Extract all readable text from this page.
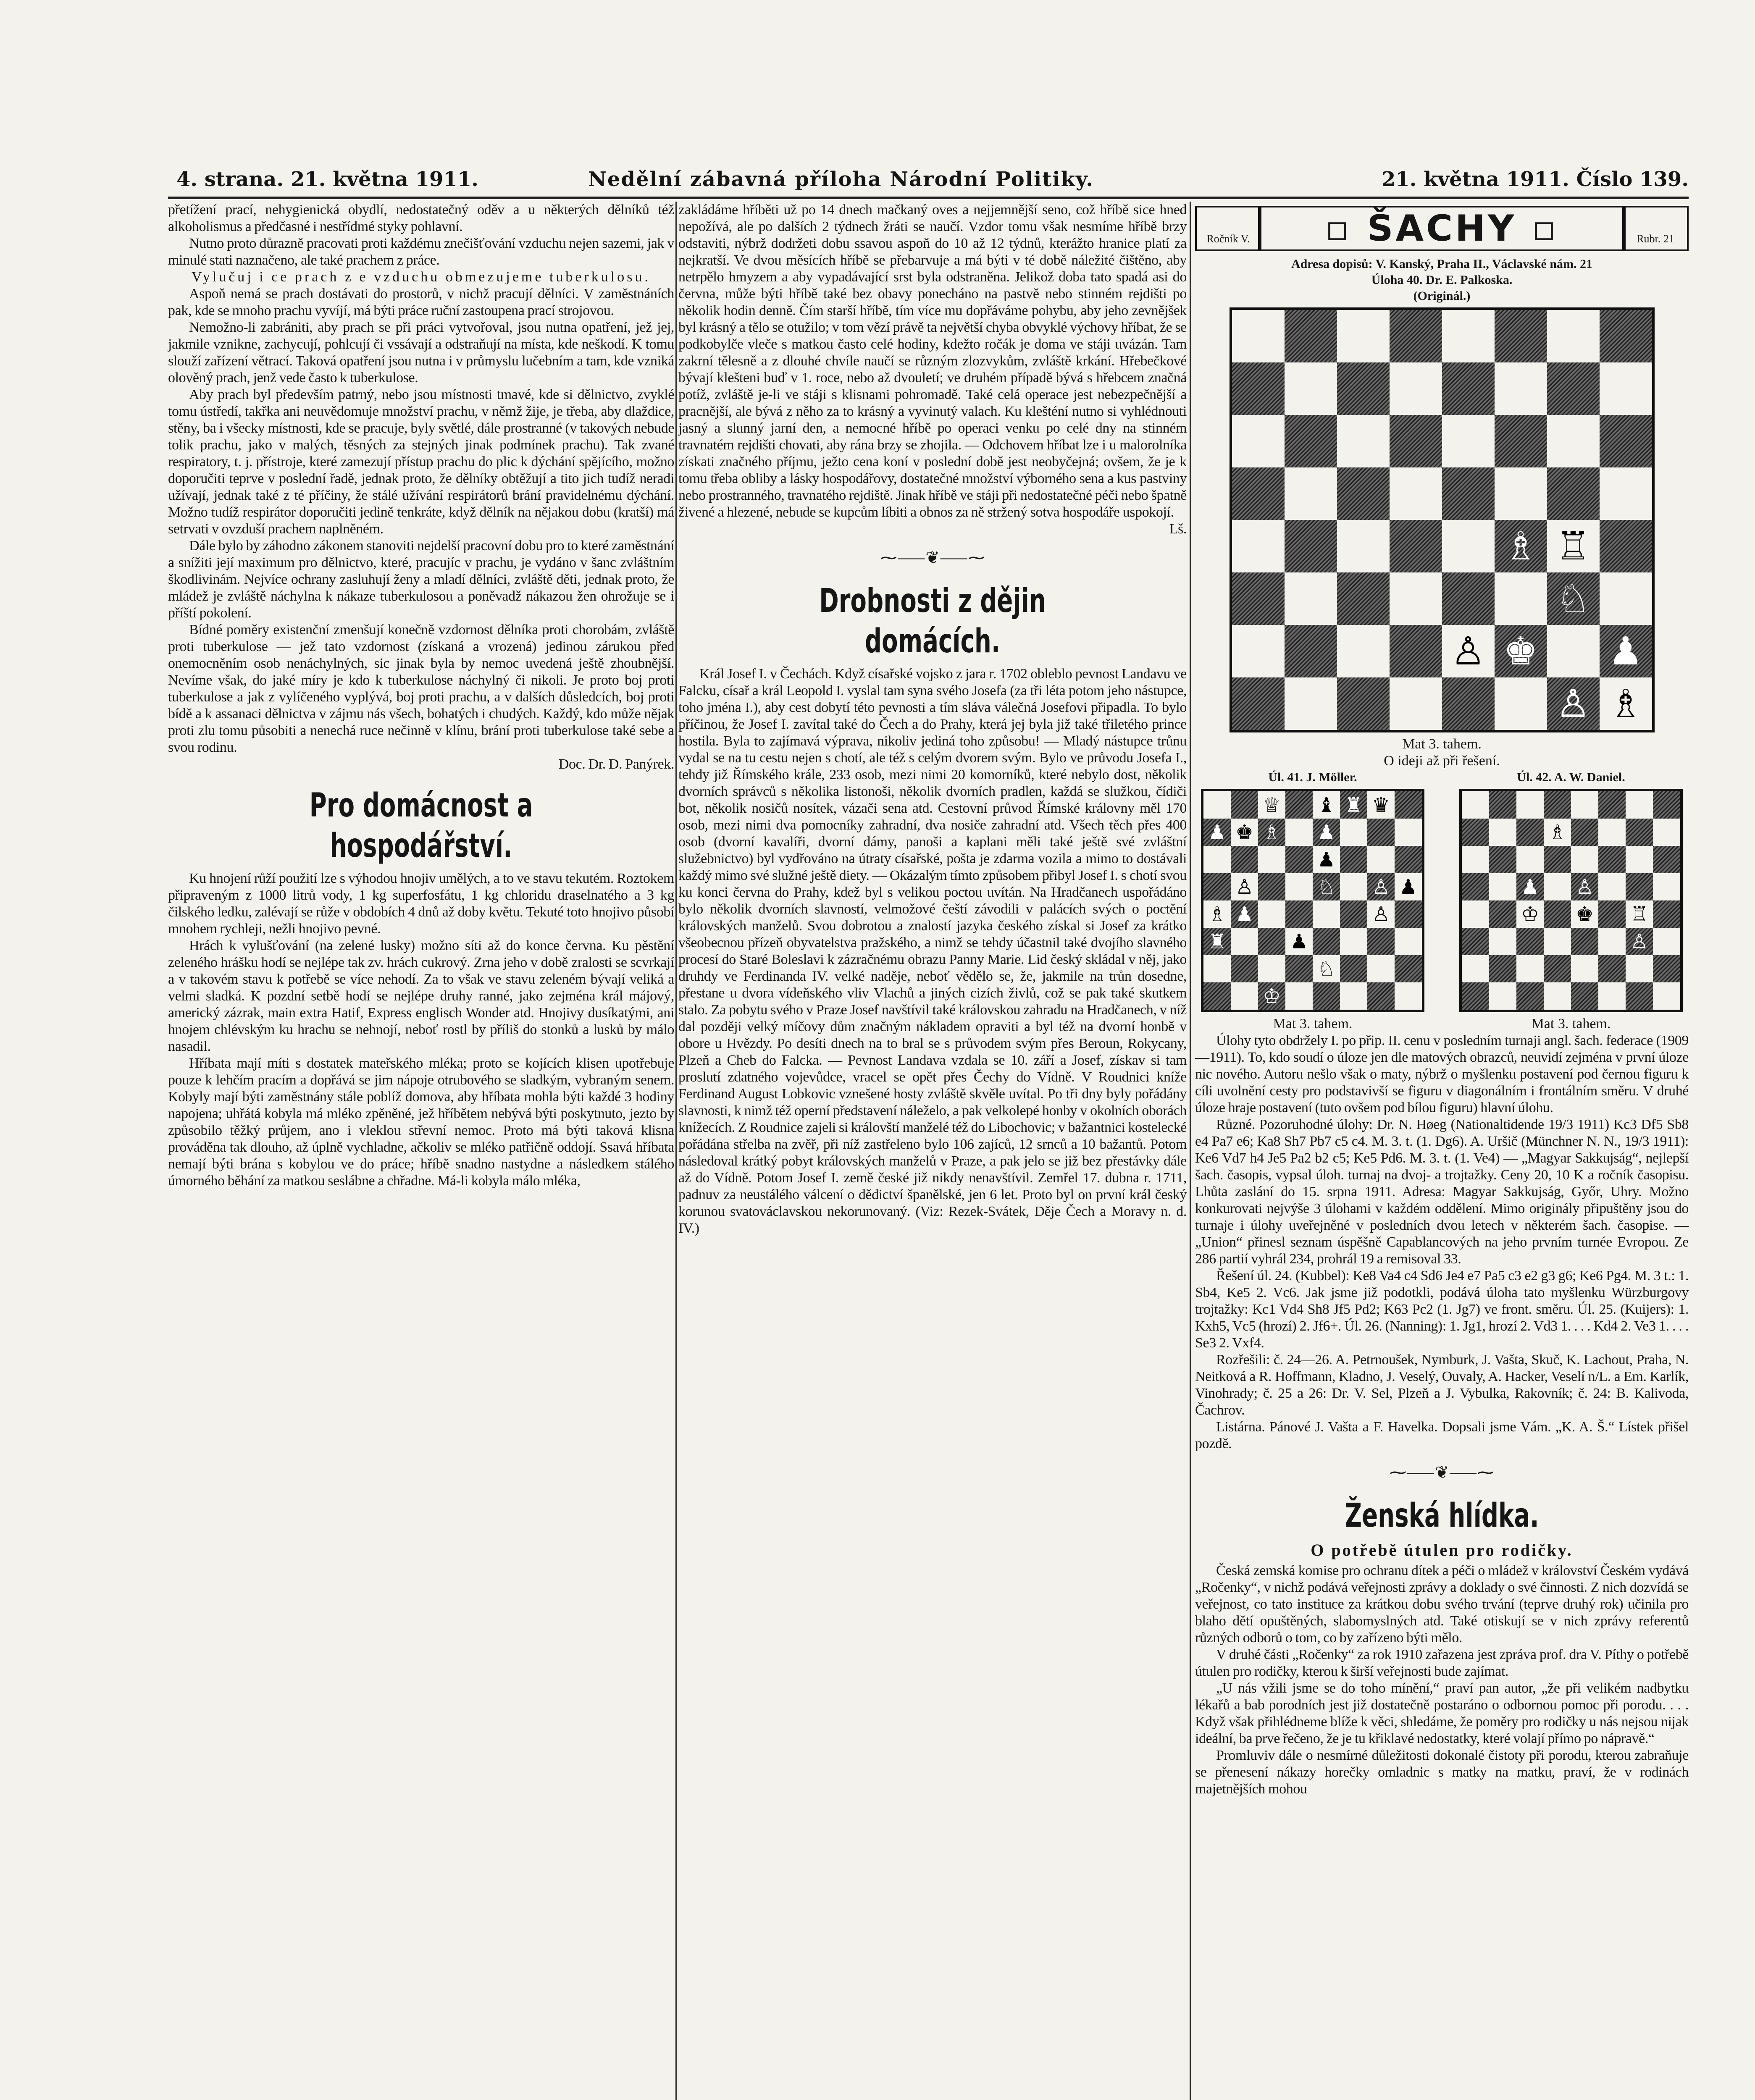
4. strana. 21. května 1911.	Nedělní zábavná příloha Národní Politiky.	21. května 1911. Číslo 139.

přetížení prací, nehygienická obydlí, nedostatečný oděv a u některých dělníků též alkoholismus a předčasné i nestřídmé styky pohlavní.

Nutno proto důrazně pracovati proti každému znečišťování vzduchu nejen sazemi, jak v minulé stati naznačeno, ale také prachem z práce.

Vylučuj i ce prach z e vzduchu obmezujeme tuberkulosu.

Aspoň nemá se prach dostávati do prostorů, v nichž pracují dělníci. V zaměstnáních pak, kde se mnoho prachu vyvíjí, má býti práce ruční zastoupena prací strojovou.

Nemožno-li zabrániti, aby prach se při práci vytvořoval, jsou nutna opatření, jež jej, jakmile vznikne, zachycují, pohlcují či vssávají a odstraňují na místa, kde neškodí. K tomu slouží zařízení větrací. Taková opatření jsou nutna i v průmyslu lučebním a tam, kde vzniká olověný prach, jenž vede často k tuberkulose.

Aby prach byl především patrný, nebo jsou místnosti tmavé, kde si dělnictvo, zvyklé tomu ústředí, takřka ani neuvědomuje množství prachu, v němž žije, je třeba, aby dlaždice, stěny, ba i všecky místnosti, kde se pracuje, byly světlé, dále prostranné (v takových nebude tolik prachu, jako v malých, těsných za stejných jinak podmínek prachu). Tak zvané respiratory, t. j. přístroje, které zamezují přístup prachu do plic k dýchání spějícího, možno doporučiti teprve v poslední řadě, jednak proto, že dělníky obtěžují a tito jich tudíž neradi užívají, jednak také z té příčiny, že stálé užívání respirátorů brání pravidelnému dýchání. Možno tudíž respirátor doporučiti jedině tenkráte, když dělník na nějakou dobu (kratší) má setrvati v ovzduší prachem naplněném.

Dále bylo by záhodno zákonem stanoviti nejdelší pracovní dobu pro to které zaměstnání a snížiti její maximum pro dělnictvo, které, pracujíc v prachu, je vydáno v šanc zvláštním škodlivinám. Nejvíce ochrany zasluhují ženy a mladí dělníci, zvláště děti, jednak proto, že mládež je zvláště náchylna k nákaze tuberkulosou a poněvadž nákazou žen ohrožuje se i příští pokolení.

Bídné poměry existenční zmenšují konečně vzdornost dělníka proti chorobám, zvláště proti tuberkulose — jež tato vzdornost (získaná a vrozená) jedinou zárukou před onemocněním osob nenáchylných, sic jinak byla by nemoc uvedená ještě zhoubnější. Nevíme však, do jaké míry je kdo k tuberkulose náchylný či nikoli. Je proto boj proti tuberkulose a jak z vylíčeného vyplývá, boj proti prachu, a v dalších důsledcích, boj proti bídě a k assanaci dělnictva v zájmu nás všech, bohatých i chudých. Každý, kdo může nějak proti zlu tomu působiti a nenechá ruce nečinně v klínu, brání proti tuberkulose také sebe a svou rodinu.

Doc. Dr. D. Panýrek.

Pro domácnost a hospodářství.

Ku hnojení růží použití lze s výhodou hnojiv umělých, a to ve stavu tekutém. Roztokem připraveným z 1000 litrů vody, 1 kg superfosfátu, 1 kg chloridu draselnatého a 3 kg čilského ledku, zalévají se růže v obdobích 4 dnů až doby květu. Tekuté toto hnojivo působí mnohem rychleji, nežli hnojivo pevné.

Hrách k vylušťování (na zelené lusky) možno síti až do konce června. Ku pěstění zeleného hrášku hodí se nejlépe tak zv. hrách cukrový. Zrna jeho v době zralosti se scvrkají a v takovém stavu k potřebě se více nehodí. Za to však ve stavu zeleném bývají veliká a velmi sladká. K pozdní setbě hodí se nejlépe druhy ranné, jako zejména král májový, americký zázrak, main extra Hatif, Express englisch Wonder atd. Hnojivy dusíkatými, ani hnojem chlévským ku hrachu se nehnojí, neboť rostl by příliš do stonků a lusků by málo nasadil.

Hříbata mají míti s dostatek mateřského mléka; proto se kojících klisen upotřebuje pouze k lehčím pracím a dopřává se jim nápoje otrubového se sladkým, vybraným senem. Kobyly mají býti zaměstnány stále poblíž domova, aby hříbata mohla býti každé 3 hodiny napojena; uhřátá kobyla má mléko zpěněné, jež hříbětem nebývá býti poskytnuto, jezto by způsobilo těžký průjem, ano i vleklou střevní nemoc. Proto má býti taková klisna prováděna tak dlouho, až úplně vychladne, ačkoliv se mléko patřičně oddojí. Ssavá hříbata nemají býti brána s kobylou ve do práce; hříbě snadno nastydne a následkem stálého úmorného běhání za matkou seslábne a chřadne. Má-li kobyla málo mléka,

zakládáme hříběti už po 14 dnech mačkaný oves a nejjemnější seno, což hříbě sice hned nepožívá, ale po dalších 2 týdnech žráti se naučí. Vzdor tomu však nesmíme hříbě brzy odstaviti, nýbrž dodržeti dobu ssavou aspoň do 10 až 12 týdnů, kterážto hranice platí za nejkratší. Ve dvou měsících hříbě se přebarvuje a má býti v té době náležité čištěno, aby netrpělo hmyzem a aby vypadávající srst byla odstraněna. Jelikož doba tato spadá asi do června, může býti hříbě také bez obavy ponecháno na pastvě nebo stinném rejdišti po několik hodin denně. Čím starší hříbě, tím více mu dopřáváme pohybu, aby jeho zevnějšek byl krásný a tělo se otužilo; v tom vězí právě ta největší chyba obvyklé výchovy hříbat, že se podkobylče vleče s matkou často celé hodiny, kdežto ročák je doma ve stáji uvázán. Tam zakrní tělesně a z dlouhé chvíle naučí se různým zlozvykům, zvláště krkání. Hřebečkové bývají klešteni buď v 1. roce, nebo až dvouletí; ve druhém případě bývá s hřebcem značná potíž, zvláště je-li ve stáji s klisnami pohromadě. Také celá operace jest nebezpečnější a pracnější, ale bývá z něho za to krásný a vyvinutý valach. Ku klešténí nutno si vyhlédnouti jasný a slunný jarní den, a nemocné hříbě po operaci venku po celé dny na stinném travnatém rejdišti chovati, aby rána brzy se zhojila. — Odchovem hříbat lze i u malorolníka získati značného příjmu, ježto cena koní v poslední době jest neobyčejná; ovšem, že je k tomu třeba obliby a lásky hospodářovy, dostatečné množství výborného sena a kus pastviny nebo prostranného, travnatého rejdiště. Jinak hříbě ve stáji při nedostatečné péči nebo špatně živené a hlezené, nebude se kupcům líbiti a obnos za ně stržený sotva hospodáře uspokojí.

Lš.

⁓⸺❦⸺⁓
Drobnosti z dějin domácích.

Král Josef I. v Čechách. Když císařské vojsko z jara r. 1702 obleblo pevnost Landavu ve Falcku, císař a král Leopold I. vyslal tam syna svého Josefa (za tři léta potom jeho nástupce, toho jména I.), aby cest dobytí této pevnosti a tím sláva válečná Josefovi připadla. To bylo příčinou, že Josef I. zavítal také do Čech a do Prahy, která jej byla již také třiletého prince hostila. Byla to zajímavá výprava, nikoliv jediná toho způsobu! — Mladý nástupce trůnu vydal se na tu cestu nejen s chotí, ale též s celým dvorem svým. Bylo ve průvodu Josefa I., tehdy již Římského krále, 233 osob, mezi nimi 20 komorníků, které nebylo dost, několik dvorních správců s několika listonoši, několik dvorních pradlen, každá se služkou, čídiči bot, několik nosičů nosítek, vázači sena atd. Cestovní průvod Římské královny měl 170 osob, mezi nimi dva pomocníky zahradní, dva nosiče zahradní atd. Všech těch přes 400 osob (dvorní kavalíři, dvorní dámy, panoši a kaplani měli také ještě své zvláštní služebnictvo) byl vydřováno na útraty císařské, pošta je zdarma vozila a mimo to dostávali každý mimo své služné ještě diety. — Okázalým tímto způsobem přibyl Josef I. s chotí svou ku konci června do Prahy, kdež byl s velikou poctou uvítán. Na Hradčanech uspořádáno bylo několik dvorních slavností, velmožové čeští závodili v palácích svých o poctění královských manželů. Svou dobrotou a znalostí jazyka českého získal si Josef za krátko všeobecnou přízeň obyvatelstva pražského, a nimž se tehdy účastnil také dvojího slavného procesí do Staré Boleslavi k zázračnému obrazu Panny Marie. Lid český skládal v něj, jako druhdy ve Ferdinanda IV. velké naděje, neboť vědělo se, že, jakmile na trůn dosedne, přestane u dvora vídeňského vliv Vlachů a jiných cizích živlů, což se pak také skutkem stalo. Za pobytu svého v Praze Josef navštívil také královskou zahradu na Hradčanech, v níž dal později velký míčovy dům značným nákladem opraviti a byl též na dvorní honbě v obore u Hvězdy. Po desíti dnech na to bral se s průvodem svým přes Beroun, Rokycany, Plzeň a Cheb do Falcka. — Pevnost Landava vzdala se 10. září a Josef, získav si tam proslutí zdatného vojevůdce, vracel se opět přes Čechy do Vídně. V Roudnici kníže Ferdinand August Lobkovic vznešené hosty zvláště skvěle uvítal. Po tři dny byly pořádány slavnosti, k nimž též operní představení náleželo, a pak velkolepé honby v okolních oborách knížecích. Z Roudnice zajeli si královští manželé též do Libochovic; v bažantnici kostelecké pořádána střelba na zvěř, při níž zastřeleno bylo 106 zajíců, 12 srnců a 10 bažantů. Potom následoval krátký pobyt královských manželů v Praze, a pak jelo se již bez přestávky dále až do Vídně. Potom Josef I. země české již nikdy nenavštívil. Zemřel 17. dubna r. 1711, padnuv za neustálého válcení o dědictví španělské, jen 6 let. Proto byl on první král český korunou svatováclavskou nekorunovaný. (Viz: Rezek-Svátek, Děje Čech a Moravy n. d. IV.)

Ročník V.	▫ ŠACHY ▫	Rubr. 21
Adresa dopisů: V. Kanský, Praha II., Václavské nám. 21
Úloha 40. Dr. E. Palkoska.
(Originál.)
♗ ♖
♘
♙ ♚ ♟
♙ ♗
Mat 3. tahem.
O ideji až při řešení.
Úl. 41. J. Möller.
♕ ♝ ♜ ♛
♟ ♚ ♗ ♟
♟
♙	♘ ♙ ♟
♗ ♟	♙
♜	♟
♘
♔
Mat 3. tahem.
Úl. 42. A. W. Daniel.
♗
♟ ♙
♔ ♚ ♖
♙
Mat 3. tahem.

Úlohy tyto obdržely I. po přip. II. cenu v posledním turnaji angl. šach. federace (1909—1911). To, kdo soudí o úloze jen dle matových obrazců, neuvidí zejména v první úloze nic nového. Autoru nešlo však o maty, nýbrž o myšlenku postavení pod černou figuru k cíli uvolnění cesty pro podstavivší se figuru v diagonálním i frontálním směru. V druhé úloze hraje postavení (tuto ovšem pod bílou figuru) hlavní úlohu.

Různé. Pozoruhodné úlohy: Dr. N. Høeg (Nationaltidende 19/3 1911) Kc3 Df5 Sb8 e4 Pa7 e6; Ka8 Sh7 Pb7 c5 c4. M. 3. t. (1. Dg6). A. Uršič (Münchner N. N., 19/3 1911): Ke6 Vd7 h4 Je5 Pa2 b2 c5; Ke5 Pd6. M. 3. t. (1. Ve4) — „Magyar Sakkujság“, nejlepší šach. časopis, vypsal úloh. turnaj na dvoj- a trojtažky. Ceny 20, 10 K a ročník časopisu. Lhůta zaslání do 15. srpna 1911. Adresa: Magyar Sakkujság, Győr, Uhry. Možno konkurovati nejvýše 3 úlohami v každém oddělení. Mimo originály připuštěny jsou do turnaje i úlohy uveřejněné v posledních dvou letech v některém šach. časopise. — „Union“ přinesl seznam úspěšně Capablancových na jeho prvním turnée Evropou. Ze 286 partií vyhrál 234, prohrál 19 a remisoval 33.

Řešení úl. 24. (Kubbel): Ke8 Va4 c4 Sd6 Je4 e7 Pa5 c3 e2 g3 g6; Ke6 Pg4. M. 3 t.: 1. Sb4, Ke5 2. Vc6. Jak jsme již podotkli, podává úloha tato myšlenku Würzburgovy trojtažky: Kc1 Vd4 Sh8 Jf5 Pd2; K63 Pc2 (1. Jg7) ve front. směru. Úl. 25. (Kuijers): 1. Kxh5, Vc5 (hrozí) 2. Jf6+. Úl. 26. (Nanning): 1. Jg1, hrozí 2. Vd3 1. . . . Kd4 2. Ve3 1. . . . Se3 2. Vxf4.

Rozřešili: č. 24—26. A. Petrnoušek, Nymburk, J. Vašta, Skuč, K. Lachout, Praha, N. Neitková a R. Hoffmann, Kladno, J. Veselý, Ouvaly, A. Hacker, Veselí n/L. a Em. Karlík, Vinohrady; č. 25 a 26: Dr. V. Sel, Plzeň a J. Vybulka, Rakovník; č. 24: B. Kalivoda, Čachrov.

Listárna. Pánové J. Vašta a F. Havelka. Dopsali jsme Vám. „K. A. Š.“ Lístek přišel pozdě.

⁓⸺❦⸺⁓
Ženská hlídka.
O potřebě útulen pro rodičky.

Česká zemská komise pro ochranu dítek a péči o mládež v království Českém vydává „Ročenky“, v nichž podává veřejnosti zprávy a doklady o své činnosti. Z nich dozvídá se veřejnost, co tato instituce za krátkou dobu svého trvání (teprve druhý rok) učinila pro blaho dětí opuštěných, slabomyslných atd. Také otiskují se v nich zprávy referentů různých odborů o tom, co by zařízeno býti mělo.

V druhé části „Ročenky“ za rok 1910 zařazena jest zpráva prof. dra V. Píthy o potřebě útulen pro rodičky, kterou k širší veřejnosti bude zajímat.

„U nás vžili jsme se do toho mínění,“ praví pan autor, „že při velikém nadbytku lékařů a bab porodních jest již dostatečně postaráno o odbornou pomoc při porodu. . . . Když však přihlédneme blíže k věci, shledáme, že poměry pro rodičky u nás nejsou nijak ideální, ba prve řečeno, že je tu křiklavé nedostatky, které volají přímo po nápravě.“

Promluviv dále o nesmírné důležitosti dokonalé čistoty při porodu, kterou zabraňuje se přenesení nákazy horečky omladnic s matky na matku, praví, že v rodinách majetnějších mohou
